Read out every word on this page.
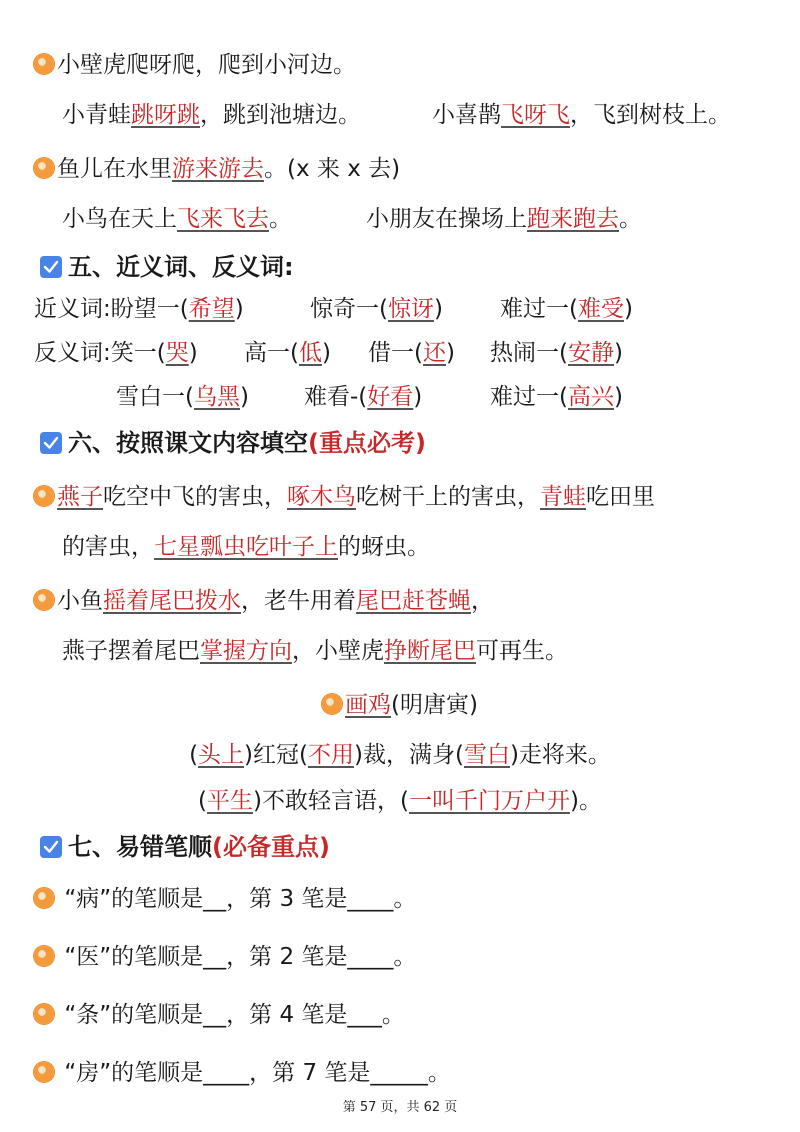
小壁虎爬呀爬，爬到小河边。
小青蛙跳呀跳，跳到池塘边。	小喜鹊飞呀飞，飞到树枝上。
鱼儿在水里游来游去。(x 来 x 去)
小鸟在天上飞来飞去。	小朋友在操场上跑来跑去。
五、近义词、反义词:
近义词:盼望一(希望)	惊奇一(惊讶) 难过一(难受)
反义词:笑一(哭) 高一(低) 借一(还) 热闹一(安静)
雪白一(乌黑) 难看-(好看)	难过一(高兴)
六、按照课文内容填空(重点必考)
燕子吃空中飞的害虫，啄木鸟吃树干上的害虫，青蛙吃田里
的害虫，七星瓢虫吃叶子上的蚜虫。
小鱼摇着尾巴拨水，老牛用着尾巴赶苍蝇，
燕子摆着尾巴掌握方向，小壁虎挣断尾巴可再生。
画鸡(明唐寅)
(头上)红冠(不用)裁，满身(雪白)走将来。
(平生)不敢轻言语，(一叫千门万户开)。
七、易错笔顺(必备重点)
“病”的笔顺是__，第 3 笔是____。
“医”的笔顺是__，第 2 笔是____。
“条”的笔顺是__，第 4 笔是___。
“房”的笔顺是____，第 7 笔是_____。
第 57 页，共 62 页
